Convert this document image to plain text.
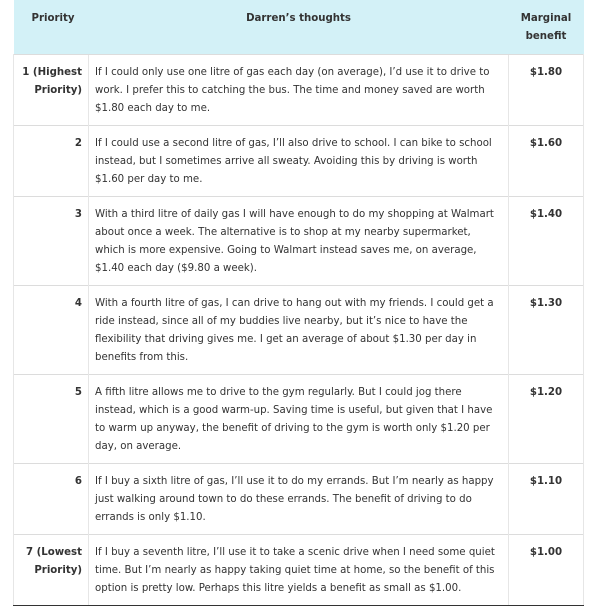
Priority	Darren’s thoughts	Marginal benefit
1 (Highest Priority)	If I could only use one litre of gas each day (on average), I’d use it to drive to work. I prefer this to catching the bus. The time and money saved are worth $1.80 each day to me.	$1.80
2	If I could use a second litre of gas, I’ll also drive to school. I can bike to school instead, but I sometimes arrive all sweaty. Avoiding this by driving is worth $1.60 per day to me.	$1.60
3	With a third litre of daily gas I will have enough to do my shopping at Walmart about once a week. The alternative is to shop at my nearby supermarket, which is more expensive. Going to Walmart instead saves me, on average, $1.40 each day ($9.80 a week).	$1.40
4	With a fourth litre of gas, I can drive to hang out with my friends. I could get a ride instead, since all of my buddies live nearby, but it’s nice to have the flexibility that driving gives me. I get an average of about $1.30 per day in benefits from this.	$1.30
5	A fifth litre allows me to drive to the gym regularly. But I could jog there instead, which is a good warm-up. Saving time is useful, but given that I have to warm up anyway, the benefit of driving to the gym is worth only $1.20 per day, on average.	$1.20
6	If I buy a sixth litre of gas, I’ll use it to do my errands. But I’m nearly as happy just walking around town to do these errands. The benefit of driving to do errands is only $1.10.	$1.10
7 (Lowest Priority)	If I buy a seventh litre, I’ll use it to take a scenic drive when I need some quiet time. But I’m nearly as happy taking quiet time at home, so the benefit of this option is pretty low. Perhaps this litre yields a benefit as small as $1.00.	$1.00
